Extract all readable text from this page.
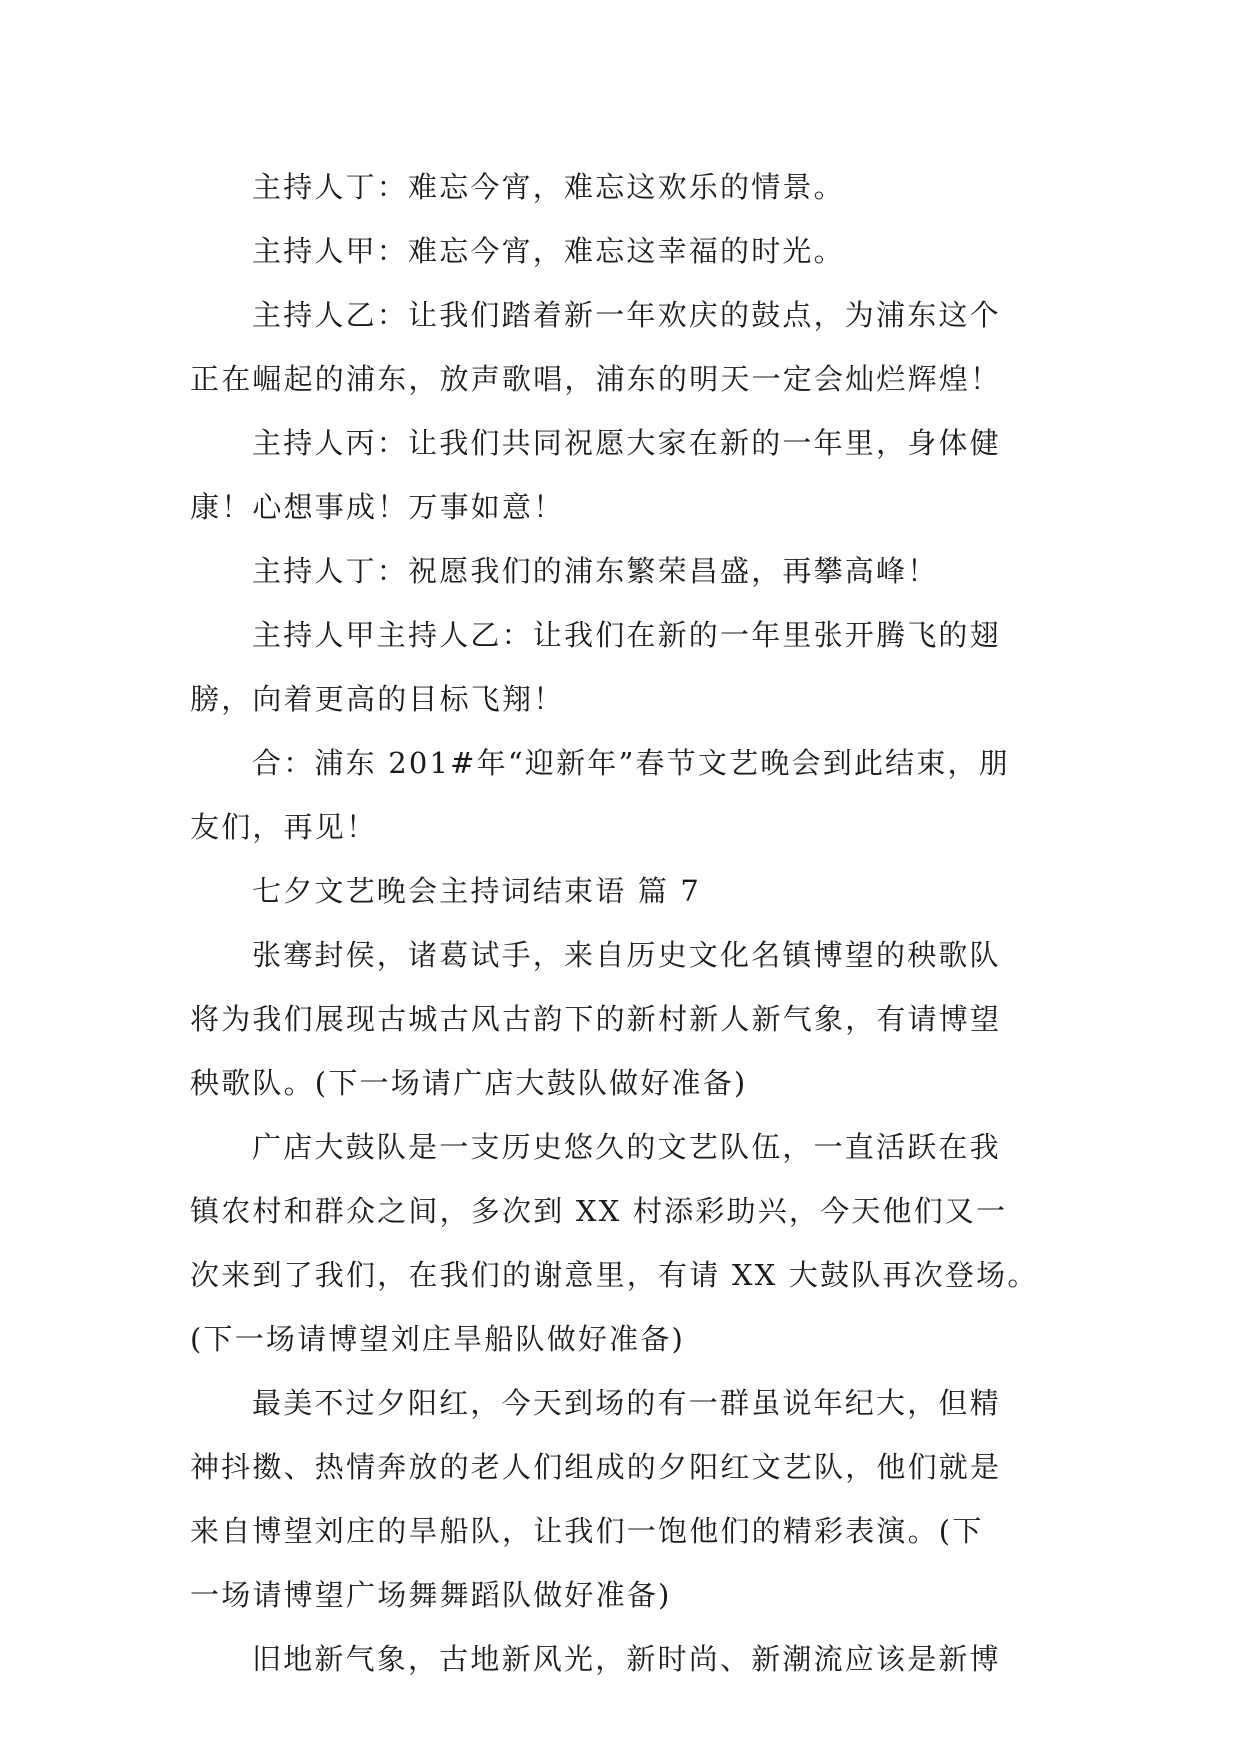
主持人丁：难忘今宵，难忘这欢乐的情景。

主持人甲：难忘今宵，难忘这幸福的时光。

主持人乙：让我们踏着新一年欢庆的鼓点，为浦东这个

正在崛起的浦东，放声歌唱，浦东的明天一定会灿烂辉煌！

主持人丙：让我们共同祝愿大家在新的一年里，身体健

康！心想事成！万事如意！

主持人丁：祝愿我们的浦东繁荣昌盛，再攀高峰！

主持人甲主持人乙：让我们在新的一年里张开腾飞的翅

膀，向着更高的目标飞翔！

合：浦东 201#年“迎新年”春节文艺晚会到此结束，朋

友们，再见！

七夕文艺晚会主持词结束语 篇 7

张骞封侯，诸葛试手，来自历史文化名镇博望的秧歌队

将为我们展现古城古风古韵下的新村新人新气象，有请博望

秧歌队。(下一场请广店大鼓队做好准备)

广店大鼓队是一支历史悠久的文艺队伍，一直活跃在我

镇农村和群众之间，多次到 XX 村添彩助兴，今天他们又一

次来到了我们，在我们的谢意里，有请 XX 大鼓队再次登场。

(下一场请博望刘庄旱船队做好准备)

最美不过夕阳红，今天到场的有一群虽说年纪大，但精

神抖擞、热情奔放的老人们组成的夕阳红文艺队，他们就是

来自博望刘庄的旱船队，让我们一饱他们的精彩表演。(下

一场请博望广场舞舞蹈队做好准备)

旧地新气象，古地新风光，新时尚、新潮流应该是新博
